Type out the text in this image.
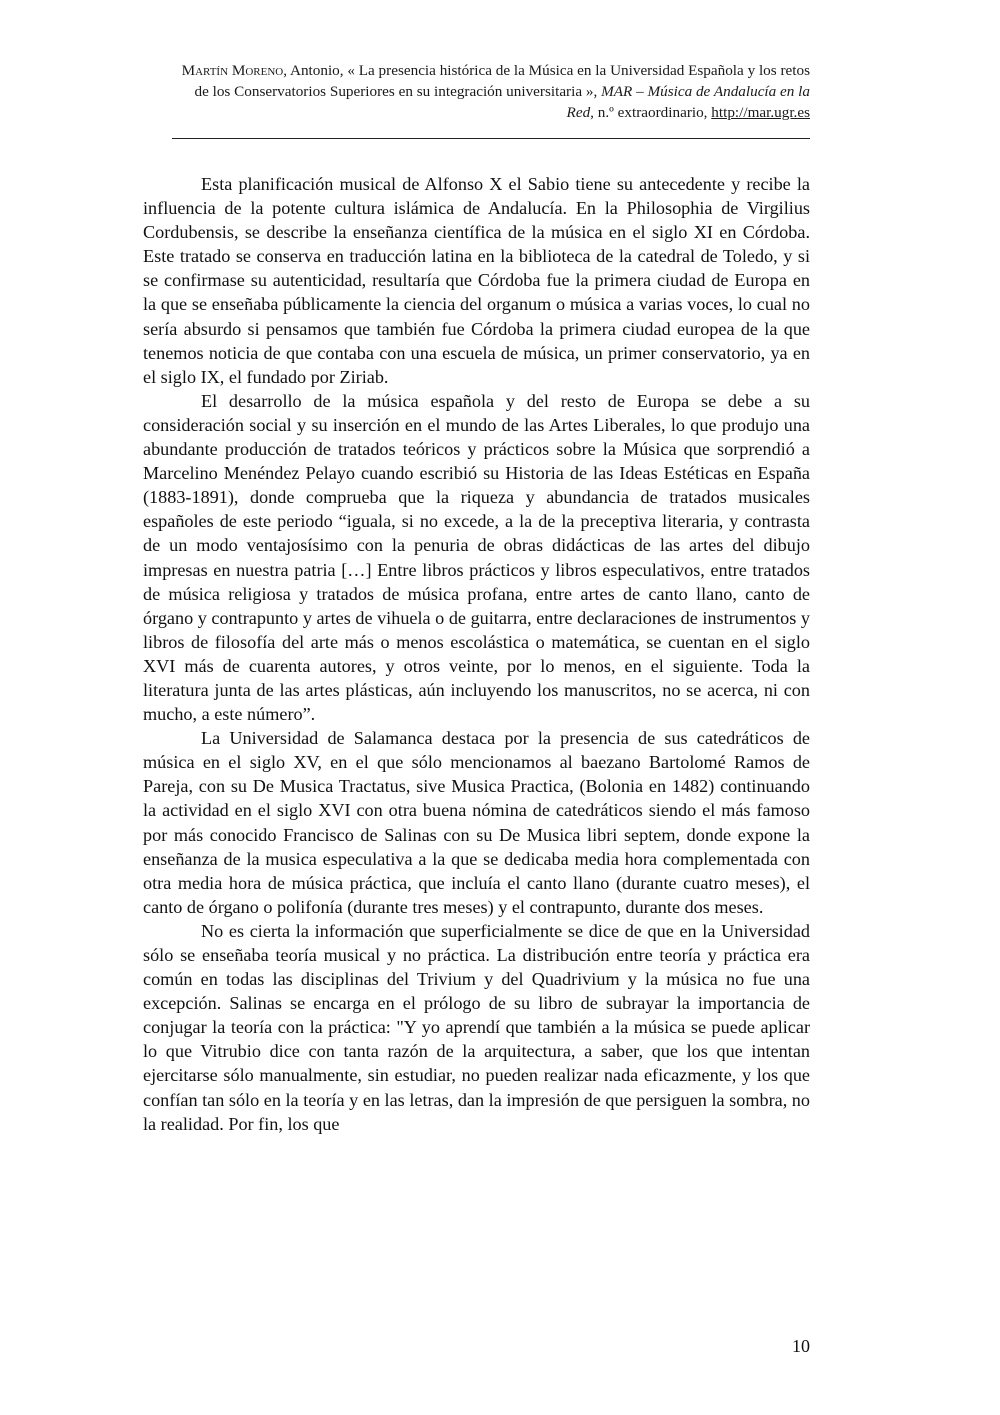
Martín Moreno, Antonio, « La presencia histórica de la Música en la Universidad Española y los retos de los Conservatorios Superiores en su integración universitaria », MAR – Música de Andalucía en la Red, n.º extraordinario, http://mar.ugr.es

Esta planificación musical de Alfonso X el Sabio tiene su antecedente y recibe la influencia de la potente cultura islámica de Andalucía. En la Philosophia de Virgilius Cordubensis, se describe la enseñanza científica de la música en el siglo XI en Córdoba. Este tratado se conserva en traducción latina en la biblioteca de la catedral de Toledo, y si se confirmase su autenticidad, resultaría que Córdoba fue la primera ciudad de Europa en la que se enseñaba públicamente la ciencia del organum o música a varias voces, lo cual no sería absurdo si pensamos que también fue Córdoba la primera ciudad europea de la que tenemos noticia de que contaba con una escuela de música, un primer conservatorio, ya en el siglo IX, el fundado por Ziriab.

El desarrollo de la música española y del resto de Europa se debe a su consideración social y su inserción en el mundo de las Artes Liberales, lo que produjo una abundante producción de tratados teóricos y prácticos sobre la Música que sorprendió a Marcelino Menéndez Pelayo cuando escribió su Historia de las Ideas Estéticas en España (1883-1891), donde comprueba que la riqueza y abundancia de tratados musicales españoles de este periodo “iguala, si no excede, a la de la preceptiva literaria, y contrasta de un modo ventajosísimo con la penuria de obras didácticas de las artes del dibujo impresas en nuestra patria […] Entre libros prácticos y libros especulativos, entre tratados de música religiosa y tratados de música profana, entre artes de canto llano, canto de órgano y contrapunto y artes de vihuela o de guitarra, entre declaraciones de instrumentos y libros de filosofía del arte más o menos escolástica o matemática, se cuentan en el siglo XVI más de cuarenta autores, y otros veinte, por lo menos, en el siguiente. Toda la literatura junta de las artes plásticas, aún incluyendo los manuscritos, no se acerca, ni con mucho, a este número”.

La Universidad de Salamanca destaca por la presencia de sus catedráticos de música en el siglo XV, en el que sólo mencionamos al baezano Bartolomé Ramos de Pareja, con su De Musica Tractatus, sive Musica Practica, (Bolonia en 1482) continuando la actividad en el siglo XVI con otra buena nómina de catedráticos siendo el más famoso por más conocido Francisco de Salinas con su De Musica libri septem, donde expone la enseñanza de la musica especulativa a la que se dedicaba media hora complementada con otra media hora de música práctica, que incluía el canto llano (durante cuatro meses), el canto de órgano o polifonía (durante tres meses) y el contrapunto, durante dos meses.

No es cierta la información que superficialmente se dice de que en la Universidad sólo se enseñaba teoría musical y no práctica. La distribución entre teoría y práctica era común en todas las disciplinas del Trivium y del Quadrivium y la música no fue una excepción. Salinas se encarga en el prólogo de su libro de subrayar la importancia de conjugar la teoría con la práctica: "Y yo aprendí que también a la música se puede aplicar lo que Vitrubio dice con tanta razón de la arquitectura, a saber, que los que intentan ejercitarse sólo manualmente, sin estudiar, no pueden realizar nada eficazmente, y los que confían tan sólo en la teoría y en las letras, dan la impresión de que persiguen la sombra, no la realidad. Por fin, los que

10
